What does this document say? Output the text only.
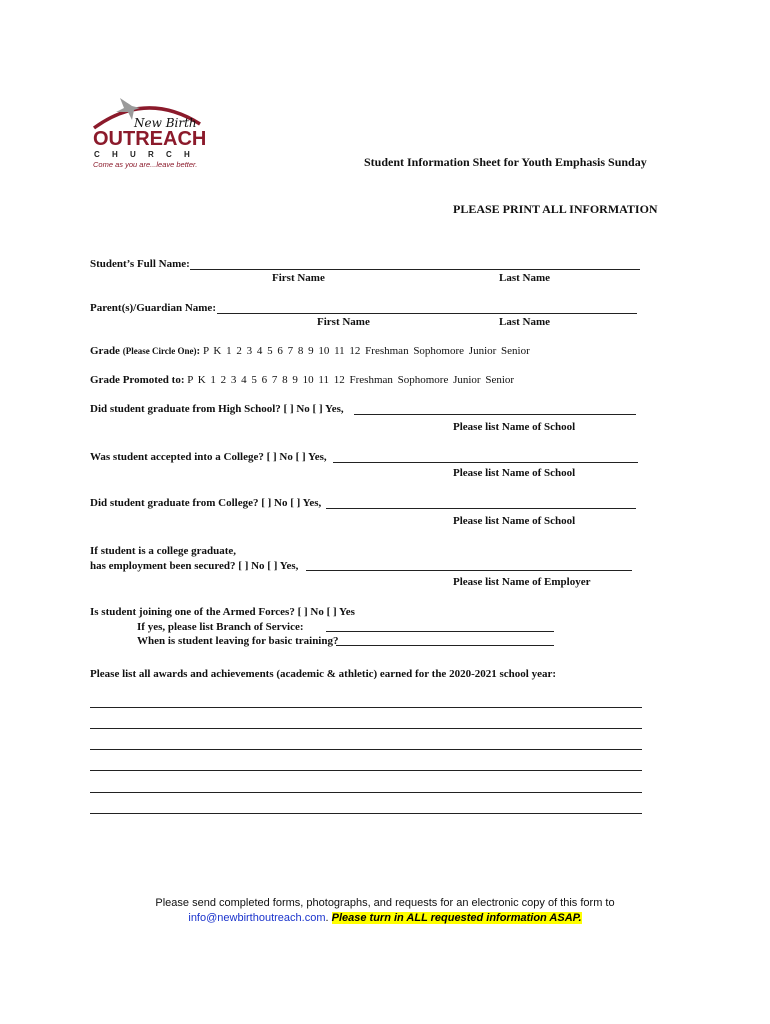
New Birth
OUTREACH
C H U R C H
Come as you are...leave better.	Student Information Sheet for Youth Emphasis Sunday
PLEASE PRINT ALL INFORMATION
Student’s Full Name:
First Name	Last Name
Parent(s)/Guardian Name:
First Name	Last Name
Grade (Please Circle One): P K 1 2 3 4 5 6 7 8 9 10 11 12 Freshman Sophomore Junior Senior
Grade Promoted to: P K 1 2 3 4 5 6 7 8 9 10 11 12 Freshman Sophomore Junior Senior
Did student graduate from High School? [ ] No [ ] Yes,
Please list Name of School
Was student accepted into a College? [ ] No [ ] Yes,
Please list Name of School
Did student graduate from College? [ ] No [ ] Yes,
Please list Name of School
If student is a college graduate,
has employment been secured? [ ] No [ ] Yes,
Please list Name of Employer
Is student joining one of the Armed Forces? [ ] No [ ] Yes
If yes, please list Branch of Service:
When is student leaving for basic training?
Please list all awards and achievements (academic & athletic) earned for the 2020-2021 school year:
Please send completed forms, photographs, and requests for an electronic copy of this form to
info@newbirthoutreach.com. Please turn in ALL requested information ASAP.
